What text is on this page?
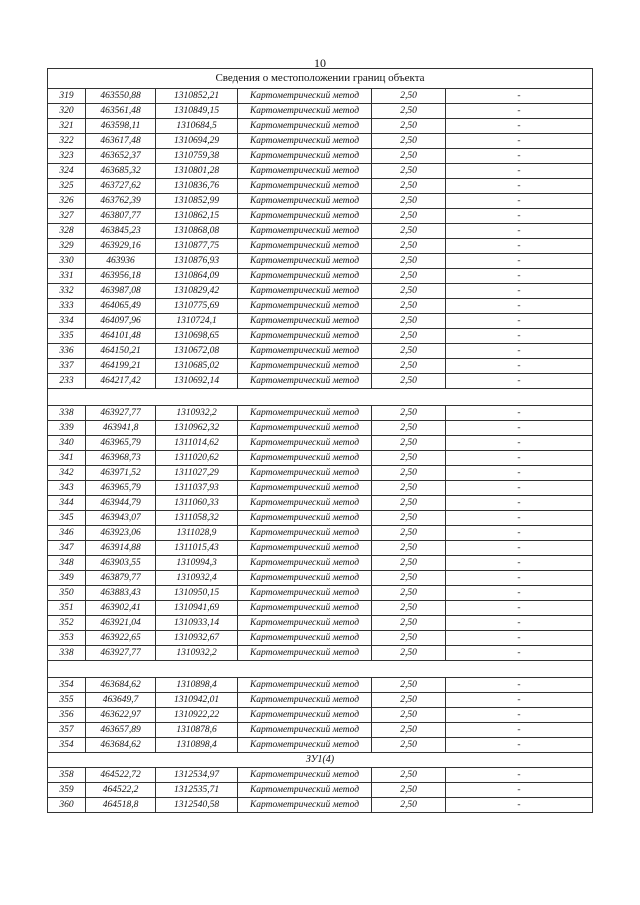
10
Сведения о местоположении границ объекта					
319	463550,88	1310852,21	Картометрический метод	2,50	-
320	463561,48	1310849,15	Картометрический метод	2,50	-
321	463598,11	1310684,5	Картометрический метод	2,50	-
322	463617,48	1310694,29	Картометрический метод	2,50	-
323	463652,37	1310759,38	Картометрический метод	2,50	-
324	463685,32	1310801,28	Картометрический метод	2,50	-
325	463727,62	1310836,76	Картометрический метод	2,50	-
326	463762,39	1310852,99	Картометрический метод	2,50	-
327	463807,77	1310862,15	Картометрический метод	2,50	-
328	463845,23	1310868,08	Картометрический метод	2,50	-
329	463929,16	1310877,75	Картометрический метод	2,50	-
330	463936	1310876,93	Картометрический метод	2,50	-
331	463956,18	1310864,09	Картометрический метод	2,50	-
332	463987,08	1310829,42	Картометрический метод	2,50	-
333	464065,49	1310775,69	Картометрический метод	2,50	-
334	464097,96	1310724,1	Картометрический метод	2,50	-
335	464101,48	1310698,65	Картометрический метод	2,50	-
336	464150,21	1310672,08	Картометрический метод	2,50	-
337	464199,21	1310685,02	Картометрический метод	2,50	-
233	464217,42	1310692,14	Картометрический метод	2,50	-

338	463927,77	1310932,2	Картометрический метод	2,50	-
339	463941,8	1310962,32	Картометрический метод	2,50	-
340	463965,79	1311014,62	Картометрический метод	2,50	-
341	463968,73	1311020,62	Картометрический метод	2,50	-
342	463971,52	1311027,29	Картометрический метод	2,50	-
343	463965,79	1311037,93	Картометрический метод	2,50	-
344	463944,79	1311060,33	Картометрический метод	2,50	-
345	463943,07	1311058,32	Картометрический метод	2,50	-
346	463923,06	1311028,9	Картометрический метод	2,50	-
347	463914,88	1311015,43	Картометрический метод	2,50	-
348	463903,55	1310994,3	Картометрический метод	2,50	-
349	463879,77	1310932,4	Картометрический метод	2,50	-
350	463883,43	1310950,15	Картометрический метод	2,50	-
351	463902,41	1310941,69	Картометрический метод	2,50	-
352	463921,04	1310933,14	Картометрический метод	2,50	-
353	463922,65	1310932,67	Картометрический метод	2,50	-
338	463927,77	1310932,2	Картометрический метод	2,50	-

354	463684,62	1310898,4	Картометрический метод	2,50	-
355	463649,7	1310942,01	Картометрический метод	2,50	-
356	463622,97	1310922,22	Картометрический метод	2,50	-
357	463657,89	1310878,6	Картометрический метод	2,50	-
354	463684,62	1310898,4	Картометрический метод	2,50	-
ЗУ1(4)					
358	464522,72	1312534,97	Картометрический метод	2,50	-
359	464522,2	1312535,71	Картометрический метод	2,50	-
360	464518,8	1312540,58	Картометрический метод	2,50	-
